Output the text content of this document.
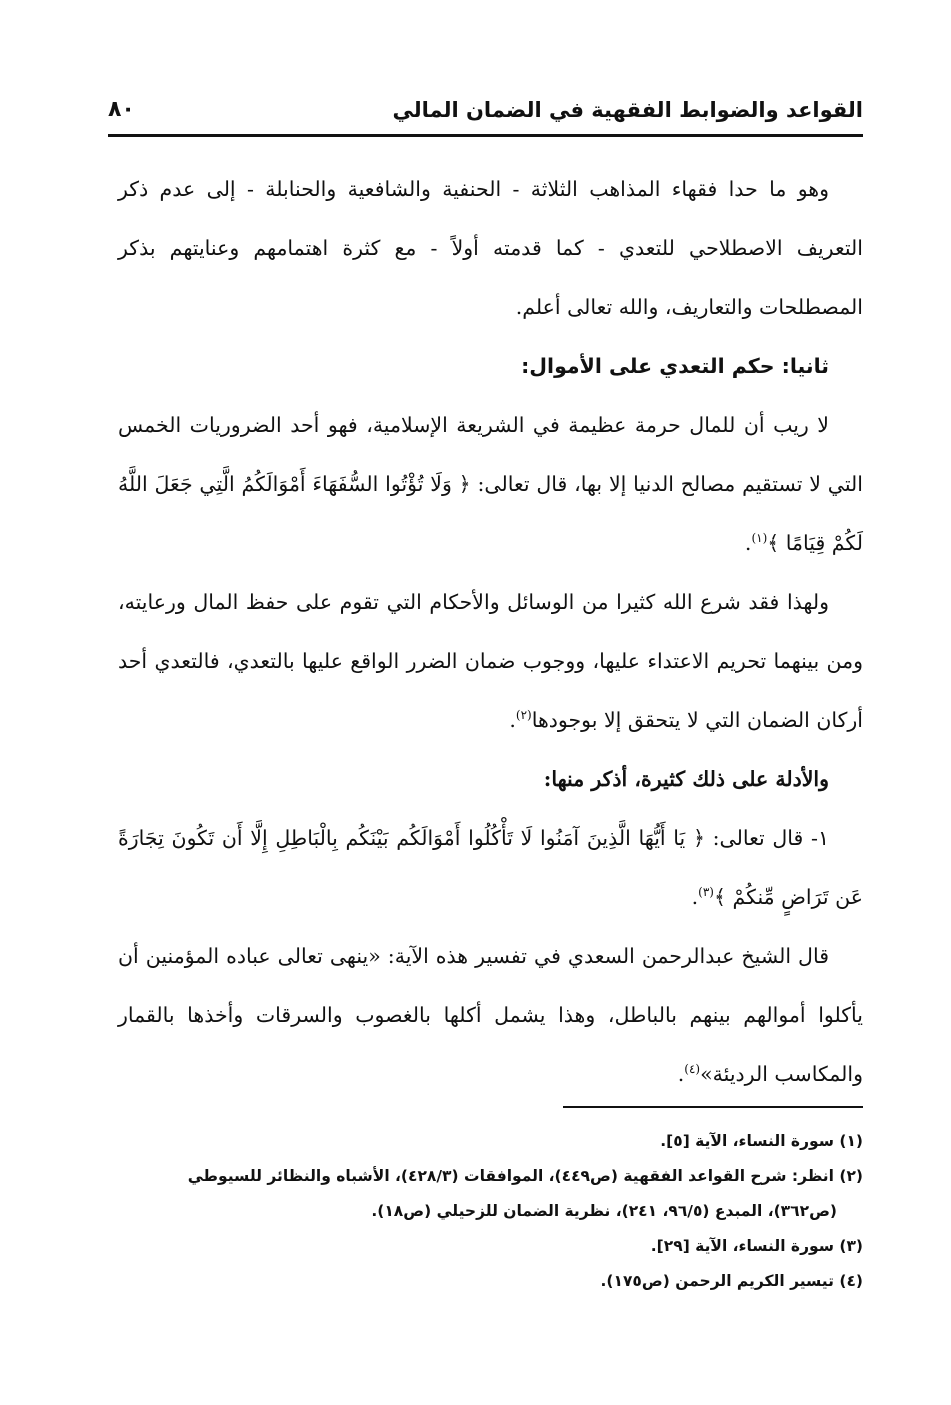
القواعد والضوابط الفقهية في الضمان المالي
٨٠

وهو ما حدا فقهاء المذاهب الثلاثة - الحنفية والشافعية والحنابلة - إلى عدم ذكر التعريف الاصطلاحي للتعدي - كما قدمته أولاً - مع كثرة اهتمامهم وعنايتهم بذكر المصطلحات والتعاريف، والله تعالى أعلم.

ثانيا: حكم التعدي على الأموال:

لا ريب أن للمال حرمة عظيمة في الشريعة الإسلامية، فهو أحد الضروريات الخمس التي لا تستقيم مصالح الدنيا إلا بها، قال تعالى: ﴿ وَلَا تُؤْتُوا السُّفَهَاءَ أَمْوَالَكُمُ الَّتِي جَعَلَ اللَّهُ لَكُمْ قِيَامًا ﴾$^{(١)}$.

ولهذا فقد شرع الله كثيرا من الوسائل والأحكام التي تقوم على حفظ المال ورعايته، ومن بينهما تحريم الاعتداء عليها، ووجوب ضمان الضرر الواقع عليها بالتعدي، فالتعدي أحد أركان الضمان التي لا يتحقق إلا بوجودها$^{(٢)}$.

والأدلة على ذلك كثيرة، أذكر منها:

١- قال تعالى: ﴿ يَا أَيُّهَا الَّذِينَ آمَنُوا لَا تَأْكُلُوا أَمْوَالَكُم بَيْنَكُم بِالْبَاطِلِ إِلَّا أَن تَكُونَ تِجَارَةً عَن تَرَاضٍ مِّنكُمْ ﴾$^{(٣)}$.

قال الشيخ عبدالرحمن السعدي في تفسير هذه الآية: «ينهى تعالى عباده المؤمنين أن يأكلوا أموالهم بينهم بالباطل، وهذا يشمل أكلها بالغصوب والسرقات وأخذها بالقمار والمكاسب الرديئة»$^{(٤)}$.

(١) سورة النساء، الآية [٥].

(٢) انظر: شرح القواعد الفقهية (ص٤٤٩)، الموافقات (٤٢٨/٣)، الأشباه والنظائر للسيوطي

(ص٣٦٢)، المبدع (٩٦/٥، ٢٤١)، نظرية الضمان للزحيلي (ص١٨).

(٣) سورة النساء، الآية [٢٩].

(٤) تيسير الكريم الرحمن (ص١٧٥).
